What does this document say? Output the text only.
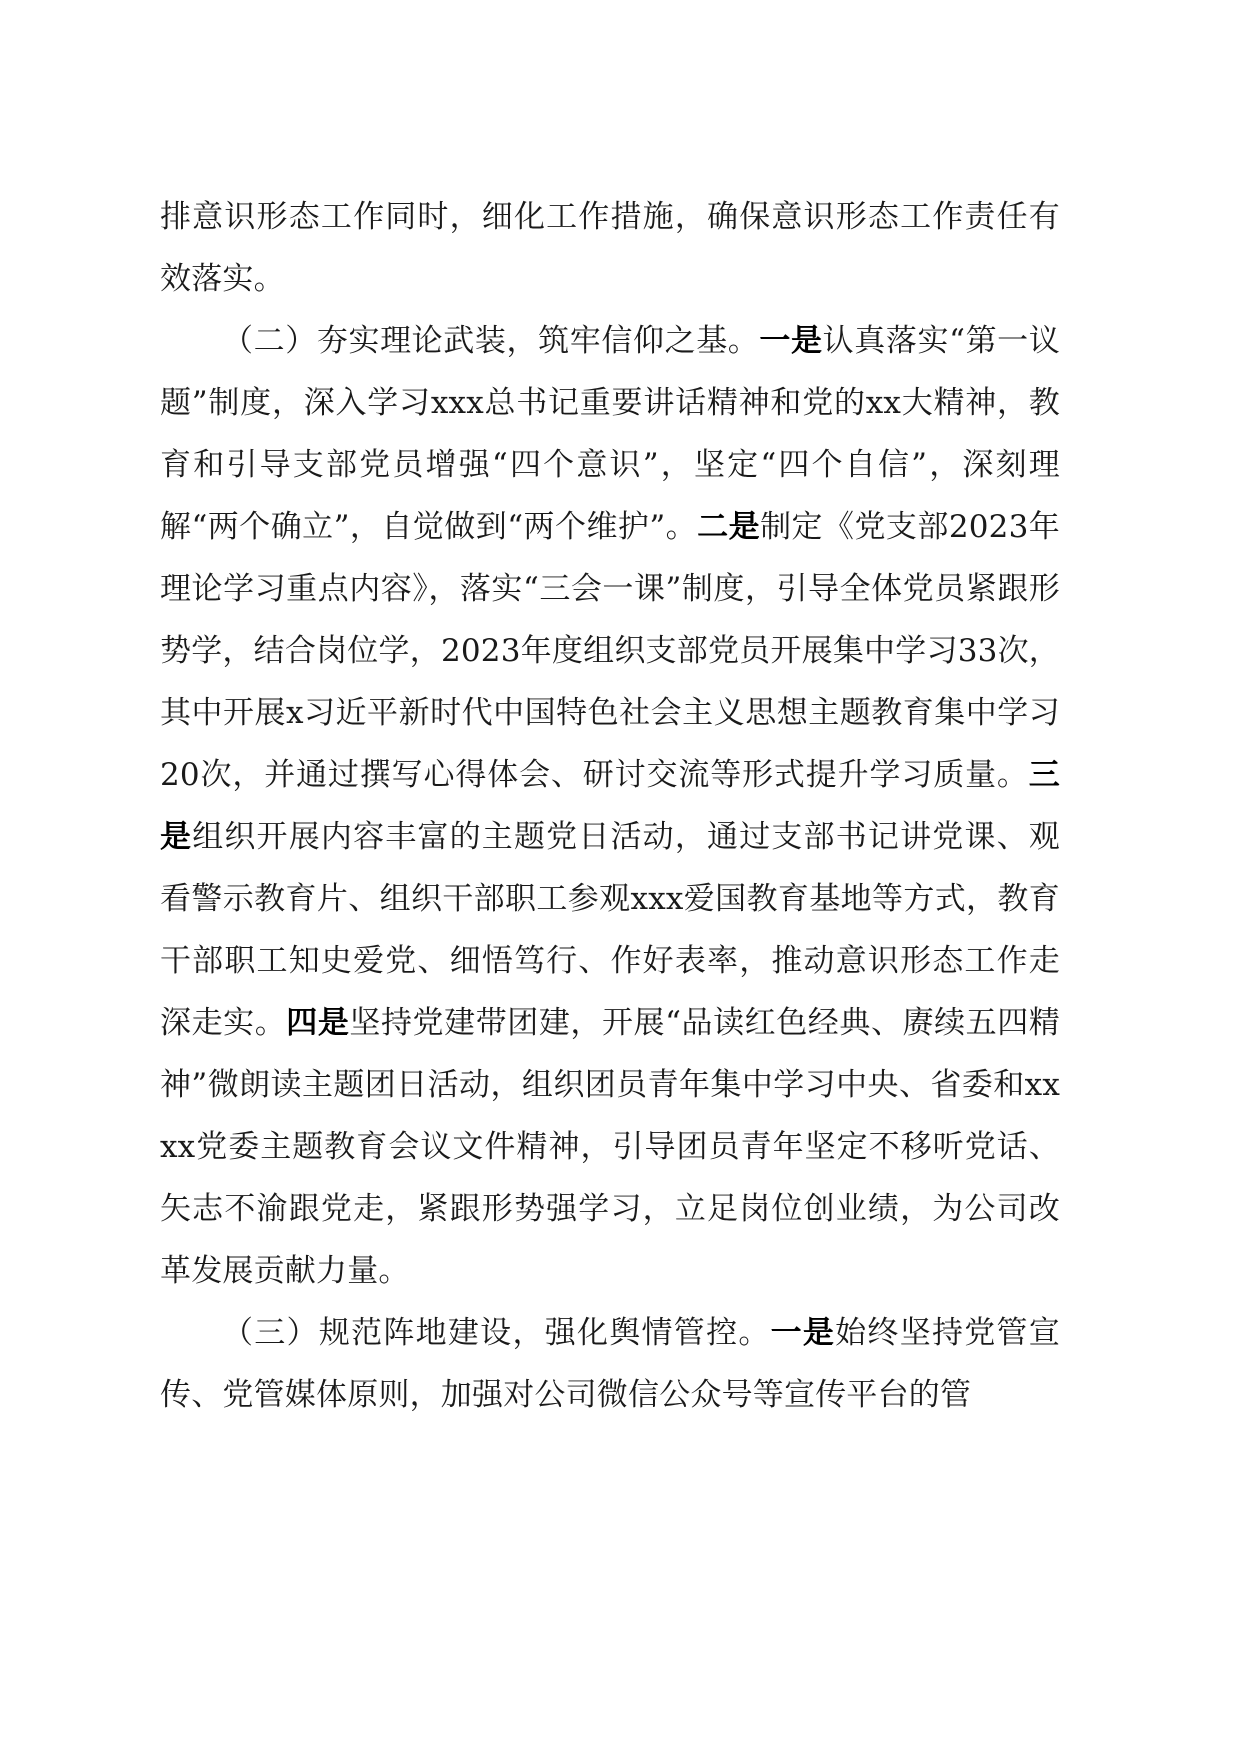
排意识形态工作同时，细化工作措施，确保意识形态工作责任有效落实。

（二）夯实理论武装，筑牢信仰之基。一是认真落实“第一议题”制度，深入学习xxx总书记重要讲话精神和党的xx大精神，教育和引导支部党员增强“四个意识”，坚定“四个自信”，深刻理解“两个确立”，自觉做到“两个维护”。二是制定《党支部2023年理论学习重点内容》，落实“三会一课”制度，引导全体党员紧跟形势学，结合岗位学，2023年度组织支部党员开展集中学习33次，其中开展x习近平新时代中国特色社会主义思想主题教育集中学习20次，并通过撰写心得体会、研讨交流等形式提升学习质量。三是组织开展内容丰富的主题党日活动，通过支部书记讲党课、观看警示教育片、组织干部职工参观xxx爱国教育基地等方式，教育干部职工知史爱党、细悟笃行、作好表率，推动意识形态工作走深走实。四是坚持党建带团建，开展“品读红色经典、赓续五四精神”微朗读主题团日活动，组织团员青年集中学习中央、省委和xxxx党委主题教育会议文件精神，引导团员青年坚定不移听党话、矢志不渝跟党走，紧跟形势强学习，立足岗位创业绩，为公司改革发展贡献力量。

（三）规范阵地建设，强化舆情管控。一是始终坚持党管宣传、党管媒体原则，加强对公司微信公众号等宣传平台的管
